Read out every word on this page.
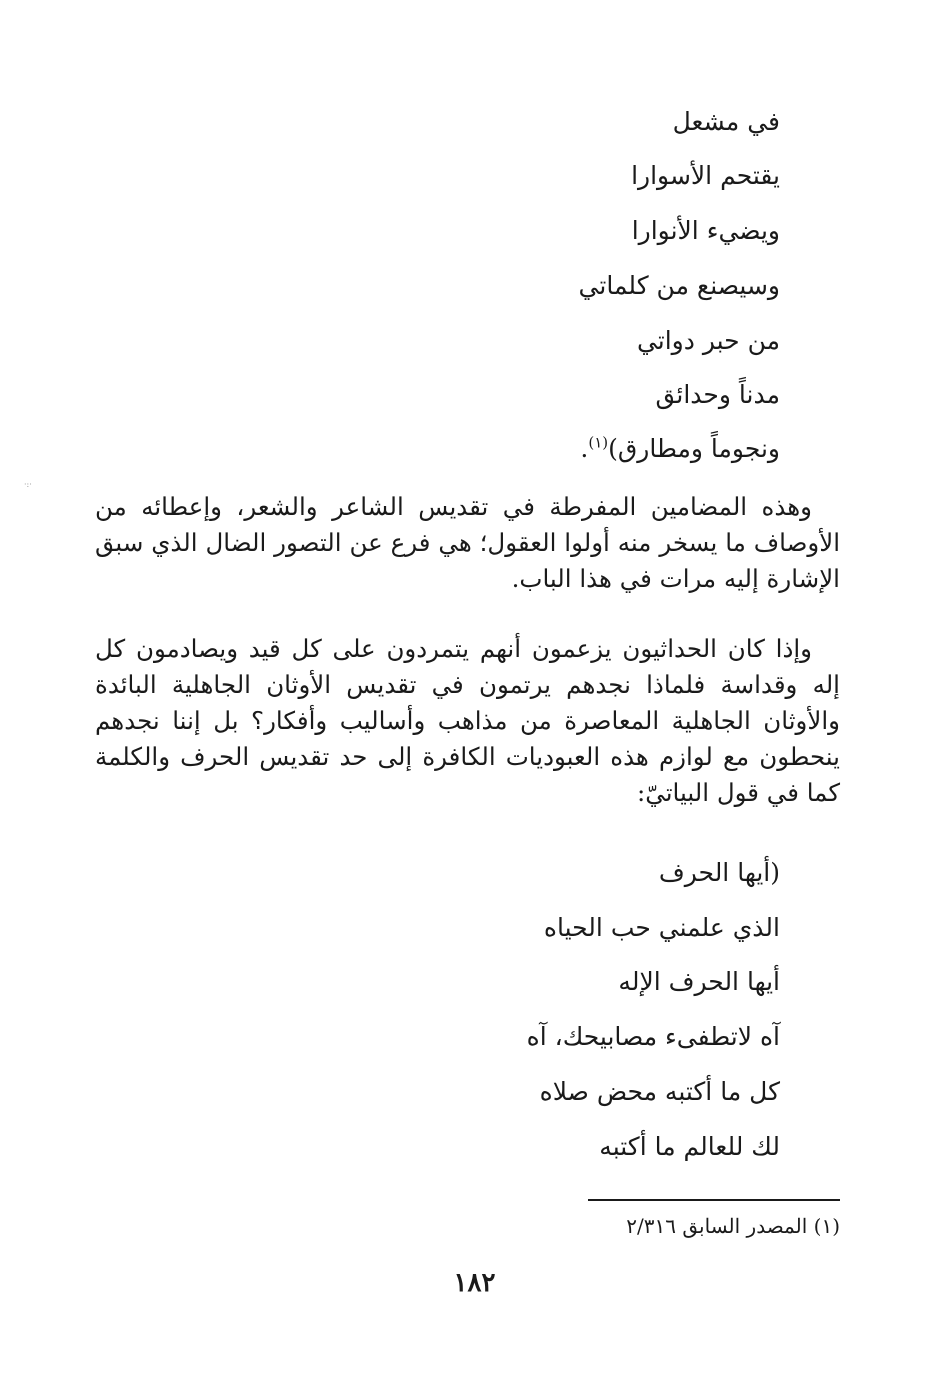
·:·
في مشعل
يقتحم الأسوارا
ويضيء الأنوارا
وسيصنع من كلماتي
من حبر دواتي
مدناً وحدائق
ونجوماً ومطارق)$^{(١)}$.

وهذه المضامين المفرطة في تقديس الشاعر والشعر، وإعطائه من الأوصاف ما يسخر منه أولوا العقول؛ هي فرع عن التصور الضال الذي سبق الإشارة إليه مرات في هذا الباب.

وإذا كان الحداثيون يزعمون أنهم يتمردون على كل قيد ويصادمون كل إله وقداسة فلماذا نجدهم يرتمون في تقديس الأوثان الجاهلية البائدة والأوثان الجاهلية المعاصرة من مذاهب وأساليب وأفكار؟ بل إننا نجدهم ينحطون مع لوازم هذه العبوديات الكافرة إلى حد تقديس الحرف والكلمة كما في قول البياتيّ:

(أيها الحرف
الذي علمني حب الحياه
أيها الحرف الإله
آه لاتطفىء مصابيحك، آه
كل ما أكتبه محض صلاه
لك للعالم ما أكتبه
(١) المصدر السابق ٢/٣١٦
١٨٢
